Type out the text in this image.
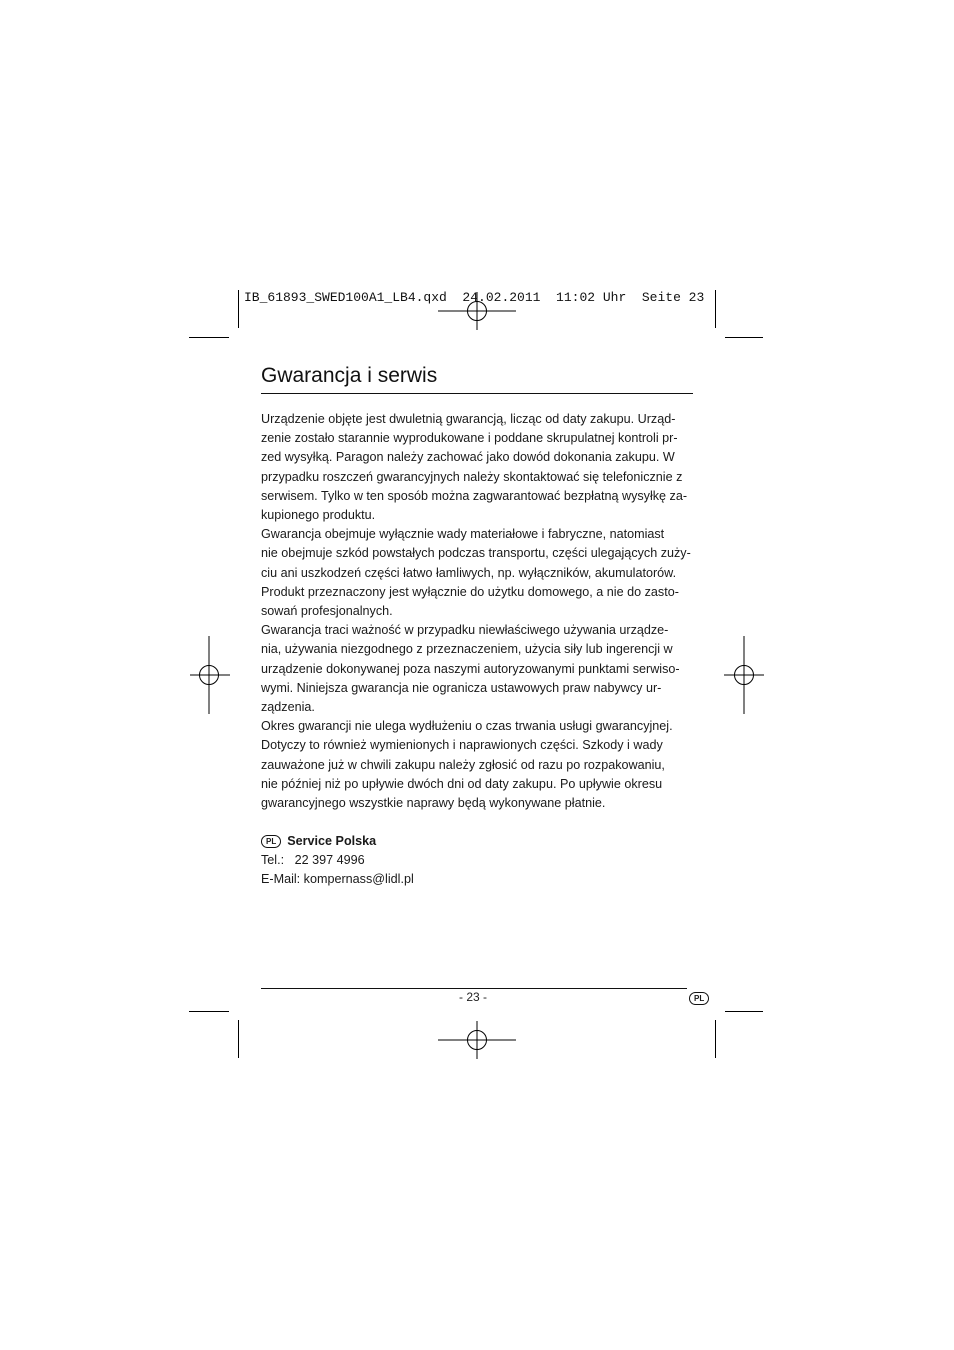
IB_61893_SWED100A1_LB4.qxd  24.02.2011  11:02 Uhr  Seite 23
Gwarancja i serwis

Urządzenie objęte jest dwuletnią gwarancją, licząc od daty zakupu. Urząd-

zenie zostało starannie wyprodukowane i poddane skrupulatnej kontroli pr-

zed wysyłką. Paragon należy zachować jako dowód dokonania zakupu. W

przypadku roszczeń gwarancyjnych należy skontaktować się telefonicznie z

serwisem. Tylko w ten sposób można zagwarantować bezpłatną wysyłkę za-

kupionego produktu.

Gwarancja obejmuje wyłącznie wady materiałowe i fabryczne, natomiast

nie obejmuje szkód powstałych podczas transportu, części ulegających zuży-

ciu ani uszkodzeń części łatwo łamliwych, np. wyłączników, akumulatorów.

Produkt przeznaczony jest wyłącznie do użytku domowego, a nie do zasto-

sowań profesjonalnych.

Gwarancja traci ważność w przypadku niewłaściwego używania urządze-

nia, używania niezgodnego z przeznaczeniem, użycia siły lub ingerencji w

urządzenie dokonywanej poza naszymi autoryzowanymi punktami serwiso-

wymi. Niniejsza gwarancja nie ogranicza ustawowych praw nabywcy ur-

ządzenia.

Okres gwarancji nie ulega wydłużeniu o czas trwania usługi gwarancyjnej.

Dotyczy to również wymienionych i naprawionych części. Szkody i wady

zauważone już w chwili zakupu należy zgłosić od razu po rozpakowaniu,

nie później niż po upływie dwóch dni od daty zakupu. Po upływie okresu

gwarancyjnego wszystkie naprawy będą wykonywane płatnie.

PL Service Polska
Tel.:   22 397 4996
E-Mail: kompernass@lidl.pl
- 23 -	PL
